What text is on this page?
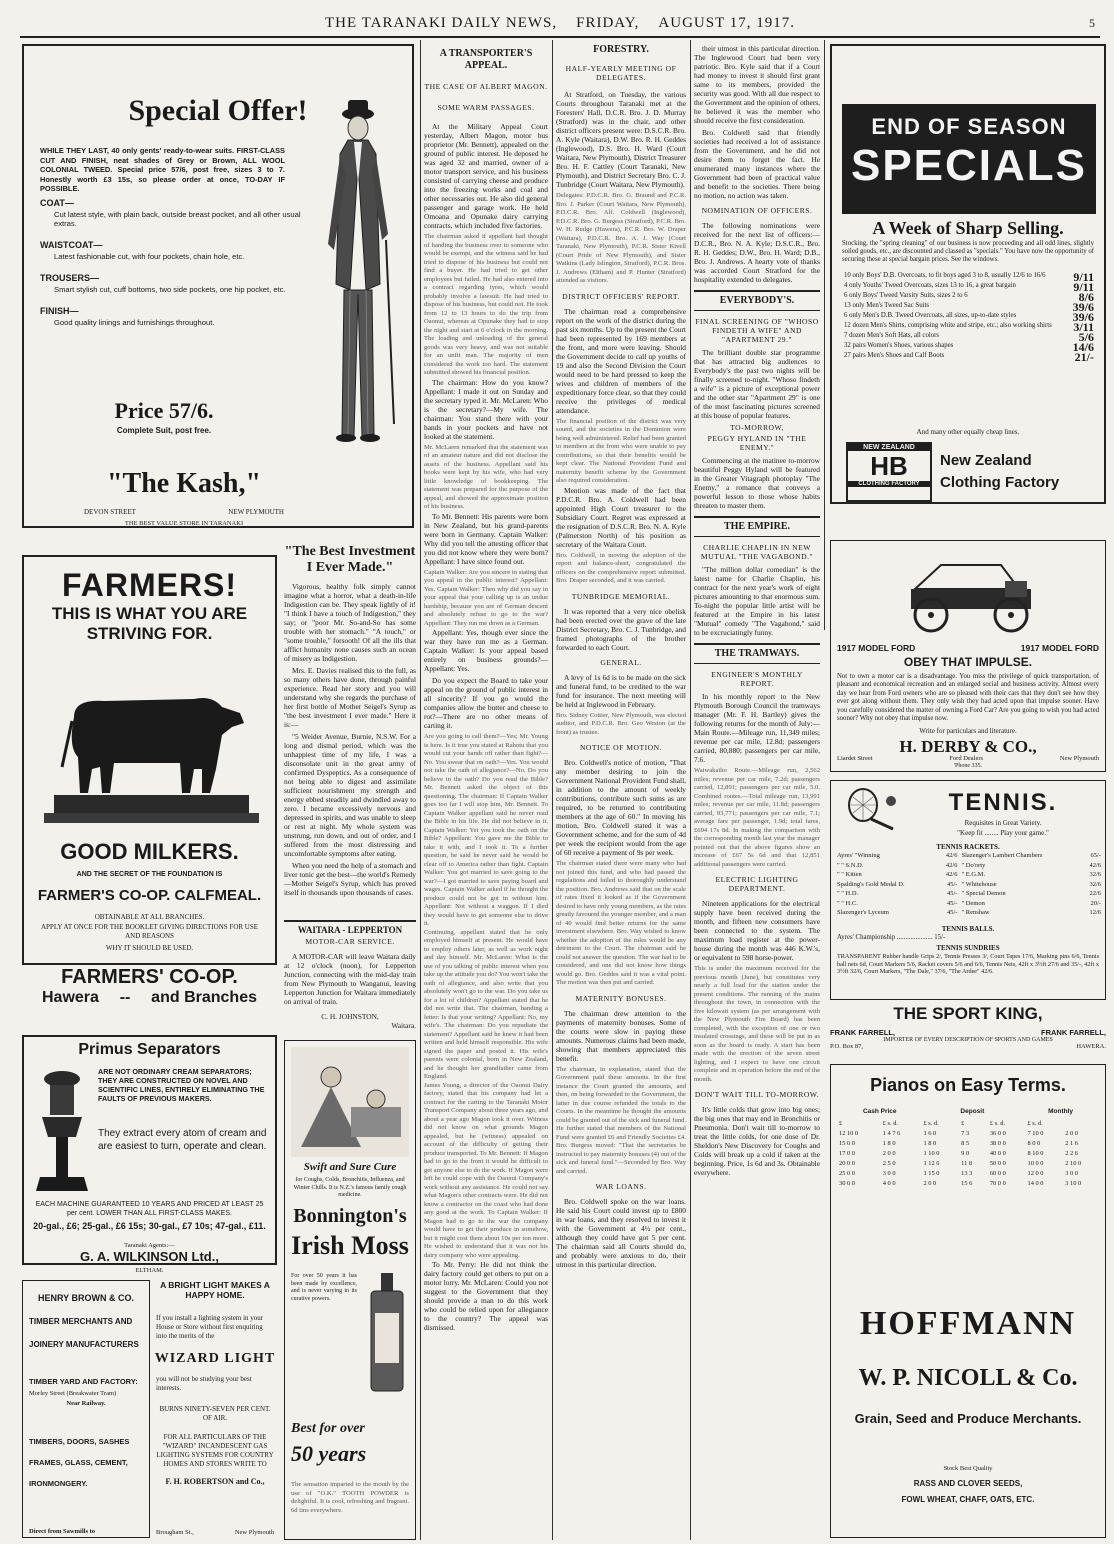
THE TARANAKI DAILY NEWS, FRIDAY, AUGUST 17, 1917.	5
Special Offer!
WHILE THEY LAST, 40 only gents' ready-to-wear suits. FIRST-CLASS CUT AND FINISH, neat shades of Grey or Brown, ALL WOOL COLONIAL TWEED. Special price 57/6, post free, sizes 3 to 7. Honestly worth £3 15s, so please order at once, TO-DAY IF POSSIBLE.
COAT—
Cut latest style, with plain back, outside breast pocket, and all other usual extras.
WAISTCOAT—
Latest fashionable cut, with four pockets, chain hole, etc.
TROUSERS—
Smart stylish cut, cuff bottoms, two side pockets, one hip pocket, etc.
FINISH—
Good quality linings and furnishings throughout.
Price 57/6.
Complete Suit, post free.
"The Kash,"
DEVON STREET	NEW PLYMOUTH
THE BEST VALUE STORE IN TARANAKI
FARMERS!
THIS IS WHAT YOU ARE
STRIVING FOR.
GOOD MILKERS.
AND THE SECRET OF THE FOUNDATION IS
FARMER'S CO-OP. CALFMEAL.
OBTAINABLE AT ALL BRANCHES.
APPLY AT ONCE FOR THE BOOKLET GIVING DIRECTIONS FOR USE AND REASONS
WHY IT SHOULD BE USED.
FARMERS' CO-OP.
Hawera -- and Branches
Primus Separators
ARE NOT ORDINARY CREAM SEPARATORS; THEY ARE CONSTRUCTED ON NOVEL AND SCIENTIFIC LINES, ENTIRELY ELIMINATING THE FAULTS OF PREVIOUS MAKERS.
They extract every atom of cream and are easiest to turn, operate and clean.
EACH MACHINE GUARANTEED 10 YEARS AND PRICED AT LEAST 25 per cent. LOWER THAN ALL FIRST-CLASS MAKES.
20-gal., £6; 25-gal., £6 15s; 30-gal., £7 10s; 47-gal., £11.
Taranaki Agents:—
G. A. WILKINSON Ltd.,
ELTHAM.
HENRY BROWN & CO.
TIMBER MERCHANTS AND
JOINERY MANUFACTURERS
TIMBER YARD AND FACTORY:
Morley Street (Breakwater Tram)
Near Railway.
TIMBERS, DOORS, SASHES
FRAMES, GLASS, CEMENT,
IRONMONGERY.
Direct from Sawmills to
A BRIGHT LIGHT MAKES A HAPPY HOME.
If you install a lighting system in your House or Store without first enquiring into the merits of the
WIZARD LIGHT
you will not be studying your best interests.
BURNS NINETY-SEVEN PER CENT. OF AIR.
FOR ALL PARTICULARS OF THE "WIZARD" INCANDESCENT GAS LIGHTING SYSTEMS FOR COUNTRY HOMES AND STORES WRITE TO
F. H. ROBERTSON and Co.,
Brougham St.,	New Plymouth
"The Best Investment I Ever Made."

Vigorous, healthy folk simply cannot imagine what a horror, what a death-in-life Indigestion can be. They speak lightly of it! "I think I have a touch of Indigestion," they say; or "poor Mr. So-and-So has some trouble with her stomach." "A touch," or "some trouble," forsooth! Of all the ills that afflict humanity none causes such an ocean of misery as Indigestion.

Mrs. E. Davies realised this to the full, as so many others have done, through painful experience. Read her story and you will understand why she regards the purchase of her first bottle of Mother Seigel's Syrup as "the best investment I ever made." Here it is:—

"5 Weider Avenue, Burnie, N.S.W. For a long and dismal period, which was the unhappiest time of my life, I was a disconsolate unit in the great army of confirmed Dyspeptics. As a consequence of not being able to digest and assimilate sufficient nourishment my strength and energy ebbed steadily and dwindled away to zero. I became excessively nervous and depressed in spirits, and was unable to sleep or rest at night. My whole system was unstrung, run down, and out of order, and I suffered from the most distressing and uncomfortable symptoms after eating.

When you need the help of a stomach and liver tonic get the best—the world's Remedy—Mother Seigel's Syrup, which has proved itself in thousands upon thousands of cases.

WAITARA - LEPPERTON
MOTOR-CAR SERVICE.

A MOTOR-CAR will leave Waitara daily at 12 o'clock (noon), for Lepperton Junction, connecting with the mid-day train from New Plymouth to Wanganui, leaving Lepperton Junction for Waitara immediately on arrival of train.

C. H. JOHNSTON,
Waitara.
Swift and Sure Cure
for Coughs, Colds, Bronchitis, Influenza, and Winter Chills. It is N.Z.'s famous family cough medicine.
Bonnington's
Irish Moss
For over 50 years it has been made by excellence, and is never varying in its curative powers.
Best for over
50 years
The sensation imparted to the mouth by the use of "O.K." TOOTH POWDER is delightful. It is cool, refreshing and fragrant. 6d tins everywhere.
A TRANSPORTER'S APPEAL.
THE CASE OF ALBERT MAGON.
SOME WARM PASSAGES.

At the Military Appeal Court yesterday, Albert Magon, motor bus proprietor (Mr. Bennett), appealed on the ground of public interest. He deposed he was aged 32 and married, owner of a motor transport service, and his business consisted of carrying cheese and produce into the freezing works and coal and other necessaries out. He also did general passenger and garage work. He held Omoana and Opunake dairy carrying contracts, which included five factories.

The chairman asked if appellant had thought of handing the business over to someone who would be exempt, and the witness said he had tried to dispose of his business but could not find a buyer. He had tried to get other employees but failed. He had also entered into a contract regarding tyres, which would probably involve a lawsuit. He had tried to dispose of his business, but could not. He took from 12 to 13 hours to do the trip from Oaonui, whereas at Opunake they had to stop the night and start at 6 o'clock in the morning. The loading and unloading of the general goods was very heavy, and was not suitable for an unfit man. The majority of men considered the work too hard. The statement submitted showed his financial position.

The chairman: How do you know? Appellant: I made it out on Sunday and the secretary typed it. Mr. McLaren: Who is the secretary?—My wife. The chairman: You stand there with your hands in your pockets and have not looked at the statement.

Mr. McLaren remarked that the statement was of an amateur nature and did not disclose the assets of the business. Appellant said his books were kept by his wife, who had very little knowledge of bookkeeping. The statement was prepared for the purpose of the appeal, and showed the approximate position of his business.

To Mr. Bennett: His parents were born in New Zealand, but his grand-parents were born in Germany. Captain Walker: Why did you tell the attesting officer that you did not know where they were born? Appellant: I have since found out.

Captain Walker: Are you sincere in stating that you appeal in the public interest? Appellant: Yes. Captain Walker: Then why did you say in your appeal that your calling up is an undue hardship, because you are of German descent and absolutely refuse to go to the war? Appellant: They run me down as a German.

Appellant: Yes, though ever since the war they have run me as a German. Captain Walker: Is your appeal based entirely on business grounds?—Appellant: Yes.

Do you expect the Board to take your appeal on the ground of public interest in all sincerity? If you go would the companies allow the butter and cheese to rot?—There are no other means of carting it.

Are you going to call them?—Yes; Mr. Young is here. Is it true you stated at Rahotu that you would cut your hands off rather than fight?—No. You swear that on oath?—Yes. You would not take the oath of allegiance?—No. Do you believe in the oath? Do you read the Bible? Mr. Bennett asked the object of this questioning. The chairman: If Captain Walker goes too far I will stop him, Mr. Bennett. To Captain Walker appellant said he never read the Bible in his life. He did not believe in it. Captain Walker: Yet you took the oath on the Bible? Appellant: You gave me the Bible to take it with, and I took it. To a further question, he said he never said he would be clear off to America rather than fight. Captain Walker: You got married to save going to the war?—I got married to save paying board and wages. Captain Walker asked if he thought the produce could not be got in without him. Appellant: Not without a waggon. If I died they would have to get someone else to drive it.

Continuing, appellant stated that he only employed himself at present. He would have to employ others later, as well as work night and day himself. Mr. McLaren: What is the use of you talking of public interest when you take up the attitude you do? You won't take the oath of allegiance, and also write that you absolutely won't go to the war. Do you take us for a lot of children? Appellant stated that he did not write that. The chairman, handing a letter: Is that your writing? Appellant: No, my wife's. The chairman: Do you repudiate the statement? Appellant said he knew it had been written and held himself responsible. His wife signed the paper and posted it. His wife's parents were colonial, born in New Zealand, and he thought her grandfather came from England.

James Young, a director of the Oaonui Dairy factory, stated that his company had let a contract for the carting to the Taranaki Motor Transport Company about three years ago, and about a year ago Magon took it over. Witness did not know on what grounds Magon appealed, but he (witness) appealed on account of the difficulty of getting their produce transported. To Mr. Bennett: If Magon had to go to the front it would be difficult to get anyone else to do the work. If Magon were left he could cope with the Oaonui Company's work without any assistance. He could not say what Magon's other contracts were. He did not know a contractor on the coast who had done any good at the work. To Captain Walker: If Magon had to go to the war the company would have to get their produce in somehow, but it might cost them about 10s per ton more. He wished to understand that it was not his dairy company who were appealing.

To Mr. Perry: He did not think the dairy factory could get others to put on a motor lorry. Mr. McLaren: Could you not suggest to the Government that they should provide a man to do this work who could be relied upon for allegiance to the country? The appeal was dismissed.

FORESTRY.
HALF-YEARLY MEETING OF DELEGATES.

At Stratford, on Tuesday, the various Courts throughout Taranaki met at the Foresters' Hall, D.C.R. Bro. J. D. Murray (Stratford) was in the chair, and other district officers present were: D.S.C.R. Bro. A. Kyle (Waitara), D.W. Bro. R. H. Geddes (Inglewood), D.S. Bro. H. Ward (Court Waitara, New Plymouth), District Treasurer Bro. H. F. Cattley (Court Taranaki, New Plymouth), and District Secretary Bro. C. J. Tunbridge (Court Waitara, New Plymouth).

Delegates: P.D.C.R. Bro. G. Braund and P.C.R. Bro. J. Parker (Court Waitara, New Plymouth), P.D.C.R. Bro. Alf. Coldwell (Inglewood), P.D.C.R. Bro. G. Burgess (Stratford), P.C.R. Bro. W. H. Rudge (Hawera), P.C.R. Bro. W. Draper (Waitara), P.D.C.R. Bro. A. J. Way (Court Taranaki, New Plymouth), P.C.R. Sister Kivell (Court Pride of New Plymouth), and Sister Watkins (Lady Islington, Stratford), P.C.R. Bros. J. Andrews (Eltham) and P. Hunter (Stratford) attended as visitors.

DISTRICT OFFICERS' REPORT.

The chairman read a comprehensive report on the work of the district during the past six months. Up to the present the Court had been represented by 169 members at the front, and more were leaving. Should the Government decide to call up youths of 19 and also the Second Division the Court would need to be hard pressed to keep the wives and children of members of the expeditionary force clear, so that they could receive the privileges of medical attendance.

The financial position of the district was very sound, and the societies in the Dominion were being well administered. Relief had been granted to members at the front who were unable to pay contributions, so that their benefits would be kept clear. The National Provident Fund and maternity benefit scheme by the Government also required consideration.

Mention was made of the fact that P.D.C.R. Bro. A. Coldwell had been appointed High Court treasurer to the Subsidiary Court. Regret was expressed at the resignation of D.S.C.R. Bro. N. A. Kyle (Palmerston North) of his position as secretary of the Waitara Court.

Bro. Coldwell, in moving the adoption of the report and balance-sheet, congratulated the officers on the comprehensive report submitted. Bro. Draper seconded, and it was carried.

TUNBRIDGE MEMORIAL.

It was reported that a very nice obelisk had been erected over the grave of the late District Secretary, Bro. C. J. Tunbridge, and framed photographs of the brother forwarded to each Court.

GENERAL.

A levy of 1s 6d is to be made on the sick and funeral fund, to be credited to the war fund for insurance. The next meeting will be held at Inglewood in February.

Bro. Sidney Cottier, New Plymouth, was elected auditor, and P.D.C.R. Bro. Geo Weston (at the front) as trustee.

NOTICE OF MOTION.

Bro. Coldwell's notice of motion, "That any member desiring to join the Government National Provident Fund shall, in addition to the amount of weekly contributions, contribute such sums as are required, to be returned to contributing members at the age of 60." In moving his motion, Bro. Coldwell stated it was a Government scheme, and for the sum of 4d per week the recipient would from the age of 60 receive a payment of 9s per week.

The chairman stated there were many who had not joined this fund, and who had passed the regulations and failed to thoroughly understand the position. Bro. Andrews said that on the scale of rates fixed it looked as if the Government desired to have only young members, as the rates greatly favoured the younger member, and a man of 40 would find better returns for the same investment elsewhere. Bro. Way wished to know whether the adoption of the rules would be any detriment to the Court. The chairman said he could not answer the question. The war had to be considered, and one did not know how things would go. Bro. Geddes said it was a vital point. The motion was then put and carried.

MATERNITY BONUSES.

The chairman drew attention to the payments of maternity bonuses. Some of the courts were slow in paying these amounts. Numerous claims had been made, showing that members appreciated this benefit.

The chairman, in explanation, stated that the Government paid these amounts. In the first instance the Court granted the amounts, and then, on being forwarded to the Government, the latter in due course refunded the totals to the Courts. In the meantime he thought the amounts could be granted out of the sick and funeral fund. He further stated that members of the National Fund were granted £6 and Friendly Societies £4. Bro. Burgess moved: "That the secretaries be instructed to pay maternity bonuses (4) out of the sick and funeral fund."—Seconded by Bro. Way and carried.

WAR LOANS.

Bro. Coldwell spoke on the war loans. He said his Court could invest up to £800 in war loans, and they resolved to invest it with the Government at 4½ per cent., although they could have got 5 per cent. The chairman said all Courts should do, and probably were anxious to do, their utmost in this particular direction.

their utmost in this particular direction. The Inglewood Court had been very patriotic. Bro. Kyle said that if a Court had money to invest it should first grant same to its members, provided the security was good. With all due respect to the Government and the opinion of others, he believed it was the member who should receive the first consideration.

Bro. Coldwell said that friendly societies had received a lot of assistance from the Government, and he did not desire them to forget the fact. He enumerated many instances where the Government had been of practical value and benefit to the societies. There being no motion, no action was taken.

NOMINATION OF OFFICERS.

The following nominations were received for the next list of officers:—D.C.R., Bro. N. A. Kyle; D.S.C.R., Bro. R. H. Geddes; D.W., Bro. H. Ward; D.B., Bro. J. Andrews. A hearty vote of thanks was accorded Court Stratford for the hospitality extended to delegates.

EVERYBODY'S.
FINAL SCREENING OF "WHOSO FINDETH A WIFE" AND "APARTMENT 29."

The brilliant double star programme that has attracted big audiences to Everybody's the past two nights will be finally screened to-night. "Whoso findeth a wife" is a picture of exceptional power and the other star "Apartment 29" is one of the most fascinating pictures screened at this house of popular features.

TO-MORROW,
PEGGY HYLAND IN "THE ENEMY."

Commencing at the matinee to-morrow beautiful Peggy Hyland will be featured in the Greater Vitagraph photoplay "The Enemy," a romance that conveys a powerful lesson to those whose habits threaten to master them.

THE EMPIRE.
CHARLIE CHAPLIN IN NEW MUTUAL "THE VAGABOND."

"The million dollar comedian" is the latest name for Charlie Chaplin, his contract for the next year's work of eight pictures amounting to that enormous sum. To-night the popular little artist will be featured at the Empire in his latest "Mutual" comedy "The Vagabond," said to be excruciatingly funny.

THE TRAMWAYS.
ENGINEER'S MONTHLY REPORT.

In his monthly report to the New Plymouth Borough Council the tramways manager (Mr. F. H. Bartley) gives the following returns for the month of July:— Main Route.—Mileage run, 11,349 miles; revenue per car mile, 12.8d; passengers carried, 80,880; passengers per car mile, 7.6.

Waiwakaiho Route.—Mileage run, 2,562 miles; revenue per car mile, 7.2d; passengers carried, 12,891; passengers per car mile, 5.0. Combined routes.—Total mileage run, 13,991 miles; revenue per car mile, 11.8d; passengers carried, 93,771; passengers per car mile, 7.1; average fare per passenger, 1.9d; total fares, £694 17s 8d. In making the comparison with the corresponding month last year the manager pointed out that the above figures show an increase of £67 5s 6d and that 12,851 additional passengers were carried.

ELECTRIC LIGHTING DEPARTMENT.

Nineteen applications for the electrical supply have been received during the month, and fifteen new consumers have been connected to the system. The maximum load register at the power-house during the month was 446 K.W.'s, or equivalent to 598 horse-power.

This is under the maximum received for the previous month (June), but constitutes very nearly a full load for the station under the present conditions. The running of the mains throughout the town, in connection with the five kilowatt system (as per arrangement with the New Plymouth Fire Board) has been completed, with the exception of one or two insulated crossings, and these will be put in as soon as the board is ready. A start has been made with the erection of the seven street lighting, and I expect to have one circuit complete and in operation before the end of the month.

DON'T WAIT TILL TO-MORROW.

It's little colds that grow into big ones; the big ones that may end in Bronchitis or Pneumonia. Don't wait till to-morrow to treat the little colds, for one dose of Dr. Sheldon's New Discovery for Coughs and Colds will break up a cold if taken at the beginning. Price, 1s 6d and 3s. Obtainable everywhere.

END OF SEASON
SPECIALS
A Week of Sharp Selling.
Stocking, the "spring cleaning" of our business is now proceeding and all odd lines, slightly soiled goods, etc., are discounted and classed as "specials." You have now the opportunity of securing these at special bargain prices. See the windows.
10 only Boys' D.B. Overcoats, to fit boys aged 3 to 8, usually 12/6 to 16/6	9/11
4 only Youths' Tweed Overcoats, sizes 13 to 16, a great bargain	9/11
6 only Boys' Tweed Varsity Suits, sizes 2 to 6	8/6
13 only Men's Tweed Sac Suits	39/6
6 only Men's D.B. Tweed Overcoats, all sizes, up-to-date styles	39/6
12 dozen Men's Shirts, comprising white and stripe, etc.; also working shirts	3/11
7 dozen Men's Soft Hats, all colors	5/6
32 pairs Women's Shoes, various shapes	14/6
27 pairs Men's Shoes and Calf Boots	21/-
And many other equally cheap lines.
NEW ZEALAND
HB
CLOTHING FACTORY
New Zealand
Clothing Factory
1917 MODEL FORD	1917 MODEL FORD
OBEY THAT IMPULSE.
Not to own a motor car is a disadvantage. You miss the privilege of quick transportation, of pleasant and economical recreation and an enlarged social and business activity. Almost every day we hear from Ford owners who are so pleased with their cars that they don't see how they ever got along without them. They only wish they had acted upon that impulse sooner. Have you carefully considered the matter of owning a Ford Car? Are you going to wish you had acted sooner? Why not obey that impulse now.
Write for particulars and literature.
H. DERBY & CO.,
Liardet Street	Ford Dealers	New Plymouth
'Phone 335.
TENNIS.
Requisites in Great Variety.
"Keep fit ........ Play your game."
TENNIS RACKETS.
Ayres' "Winning	42/6	Slazenger's Lambert Chambers	65/-
" " S.N.D.	42/6	" Do'orty	42/6
" " Kitten	42/6	" E.G.M.	32/6
Spalding's Gold Medal D.	45/-	" Whitehouse	32/6
" " H.D.	45/-	" Special Demon	22/6
" " H.C.	45/-	" Demon	20/-
Slazenger's Lyceum	45/-	" Renshaw	12/6
TENNIS BALLS.
Ayres' Championship ..................... 15/-
TENNIS SUNDRIES
TRANSPARENT Rubber handle Grips 2/, Tennis Presses 3/, Court Tapes 17/6, Marking pins 6/6, Tennis ball nets 6d, Court Markers 5/6, Racket covers 5/6 and 6/6, Tennis Nets, 42ft x 3½ft 27/6 and 35/-, 42ft x 3½ft 32/6, Court Markers, "The Dale," 37/6, "The Ardee" 42/6.
THE SPORT KING,
FRANK FARRELL,	FRANK FARRELL,
IMPORTER OF EVERY DESCRIPTION OF SPORTS AND GAMES
P.O. Box 87,	HAWERA.
Pianos on Easy Terms.
Cash Price	Deposit	Monthly
£	£ s. d.	£ s. d.	£	£ s. d.	£ s. d.	
12 10 0	1 4 7 6	1 6 0	7 3	36 0 0	7 10 0	2 0 0
15 0 0	1 8 0	1 8 0	8 5	38 0 0	8 0 0	2 1 6
17 0 0	2 0 0	1 10 0	9 0	40 0 0	8 10 0	2 2 6
20 0 0	2 5 0	1 12 6	11 8	50 0 0	10 0 0	2 10 0
25 0 0	3 0 0	1 15 0	13 3	60 0 0	12 0 0	3 0 0
30 0 0	4 0 0	2 0 0	15 6	70 0 0	14 0 0	3 10 0
HOFFMANN
W. P. NICOLL & Co.
Grain, Seed and Produce Merchants.
Stock Best Quality
RASS AND CLOVER SEEDS,
FOWL WHEAT, CHAFF, OATS, ETC.
